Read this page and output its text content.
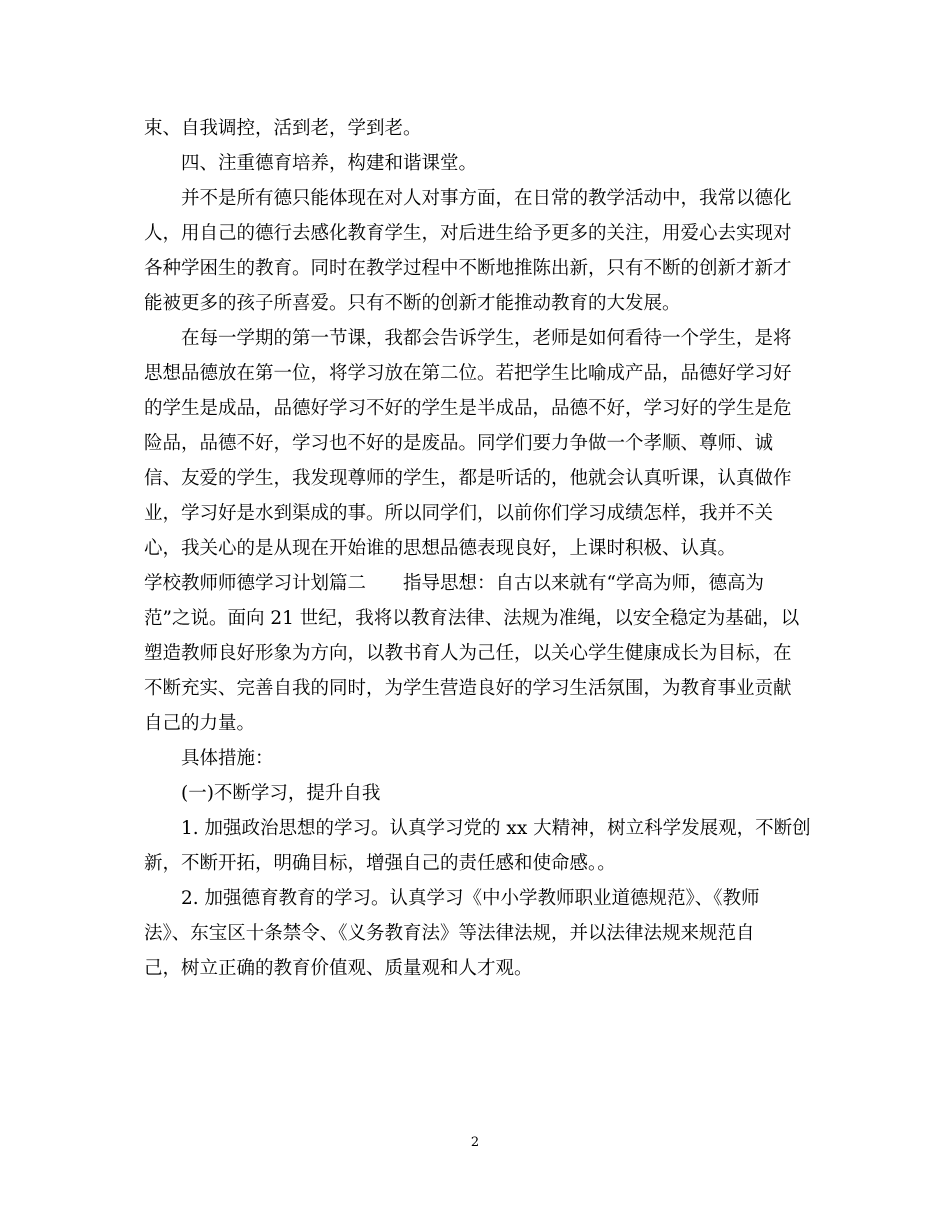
束、自我调控，活到老，学到老。
四、注重德育培养，构建和谐课堂。
并不是所有德只能体现在对人对事方面，在日常的教学活动中，我常以德化
人，用自己的德行去感化教育学生，对后进生给予更多的关注，用爱心去实现对
各种学困生的教育。同时在教学过程中不断地推陈出新，只有不断的创新才新才
能被更多的孩子所喜爱。只有不断的创新才能推动教育的大发展。
在每一学期的第一节课，我都会告诉学生，老师是如何看待一个学生，是将
思想品德放在第一位，将学习放在第二位。若把学生比喻成产品，品德好学习好
的学生是成品，品德好学习不好的学生是半成品，品德不好，学习好的学生是危
险品，品德不好，学习也不好的是废品。同学们要力争做一个孝顺、尊师、诚
信、友爱的学生，我发现尊师的学生，都是听话的，他就会认真听课，认真做作
业，学习好是水到渠成的事。所以同学们，以前你们学习成绩怎样，我并不关
心，我关心的是从现在开始谁的思想品德表现良好，上课时积极、认真。
学校教师师德学习计划篇二　　指导思想：自古以来就有“学高为师，德高为
范”之说。面向 21 世纪，我将以教育法律、法规为准绳，以安全稳定为基础，以
塑造教师良好形象为方向，以教书育人为己任，以关心学生健康成长为目标，在
不断充实、完善自我的同时，为学生营造良好的学习生活氛围，为教育事业贡献
自己的力量。
具体措施：
(一)不断学习，提升自我
1. 加强政治思想的学习。认真学习党的 xx 大精神，树立科学发展观，不断创
新，不断开拓，明确目标，增强自己的责任感和使命感。。
2. 加强德育教育的学习。认真学习《中小学教师职业道德规范》、《教师
法》、东宝区十条禁令、《义务教育法》等法律法规，并以法律法规来规范自
己，树立正确的教育价值观、质量观和人才观。
2
